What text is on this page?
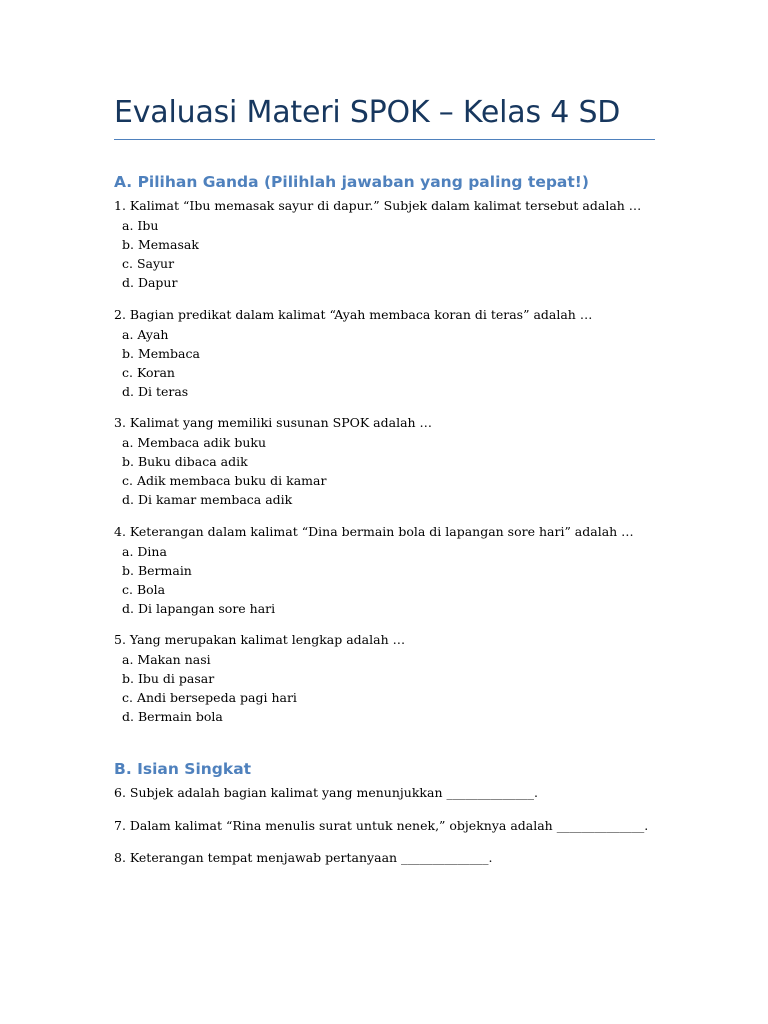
Evaluasi Materi SPOK – Kelas 4 SD
A. Pilihan Ganda (Pilihlah jawaban yang paling tepat!)
1. Kalimat “Ibu memasak sayur di dapur.” Subjek dalam kalimat tersebut adalah …
a. Ibu
b. Memasak
c. Sayur
d. Dapur
2. Bagian predikat dalam kalimat “Ayah membaca koran di teras” adalah …
a. Ayah
b. Membaca
c. Koran
d. Di teras
3. Kalimat yang memiliki susunan SPOK adalah …
a. Membaca adik buku
b. Buku dibaca adik
c. Adik membaca buku di kamar
d. Di kamar membaca adik
4. Keterangan dalam kalimat “Dina bermain bola di lapangan sore hari” adalah …
a. Dina
b. Bermain
c. Bola
d. Di lapangan sore hari
5. Yang merupakan kalimat lengkap adalah …
a. Makan nasi
b. Ibu di pasar
c. Andi bersepeda pagi hari
d. Bermain bola
B. Isian Singkat
6. Subjek adalah bagian kalimat yang menunjukkan ______________.
7. Dalam kalimat “Rina menulis surat untuk nenek,” objeknya adalah ______________.
8. Keterangan tempat menjawab pertanyaan ______________.
